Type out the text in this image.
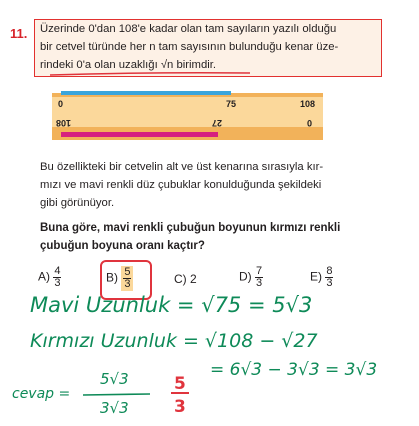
11. Üzerinde 0'dan 108'e kadar olan tam sayıların yazılı olduğu
bir cetvel türünde her n tam sayısının bulunduğu kenar üze-
rindeki 0'a olan uzaklığı √n birimdir.
0	75	108
108	27	0
Bu özellikteki bir cetvelin alt ve üst kenarına sırasıyla kır-
mızı ve mavi renkli düz çubuklar konulduğunda şekildeki
gibi görünüyor.
Buna göre, mavi renkli çubuğun boyunun kırmızı renkli
çubuğun boyuna oranı kaçtır?
$A) \frac{4}{3}$	$B) \frac{5}{3}$	C) 2	$D) \frac{7}{3}$	$E) \frac{8}{3}$
Mavi Uzunluk = √75 = 5√3
Kırmızı Uzunluk = √108 − √27
= 6√3 − 3√3 = 3√3
cevap =
5√3
3√3
5
3
